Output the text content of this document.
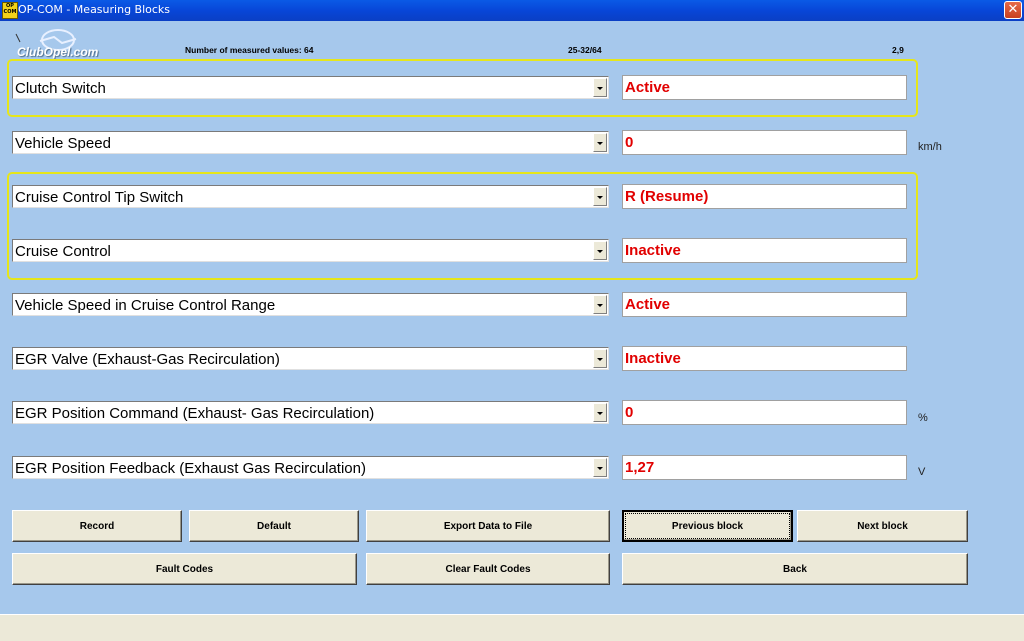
OP COM OP-COM - Measuring Blocks	✕
ClubOpel.com	Number of measured values: 64	25-32/64	2,9
Clutch Switch	Active
Vehicle Speed	0	km/h
Cruise Control Tip Switch	R (Resume)
Cruise Control	Inactive
Vehicle Speed in Cruise Control Range	Active
EGR Valve (Exhaust-Gas Recirculation)	Inactive
EGR Position Command (Exhaust- Gas Recirculation)	0	%
EGR Position Feedback (Exhaust Gas Recirculation)	1,27	V
Record	Default	Export Data to File	Previous block	Next block
Fault Codes	Clear Fault Codes	Back
